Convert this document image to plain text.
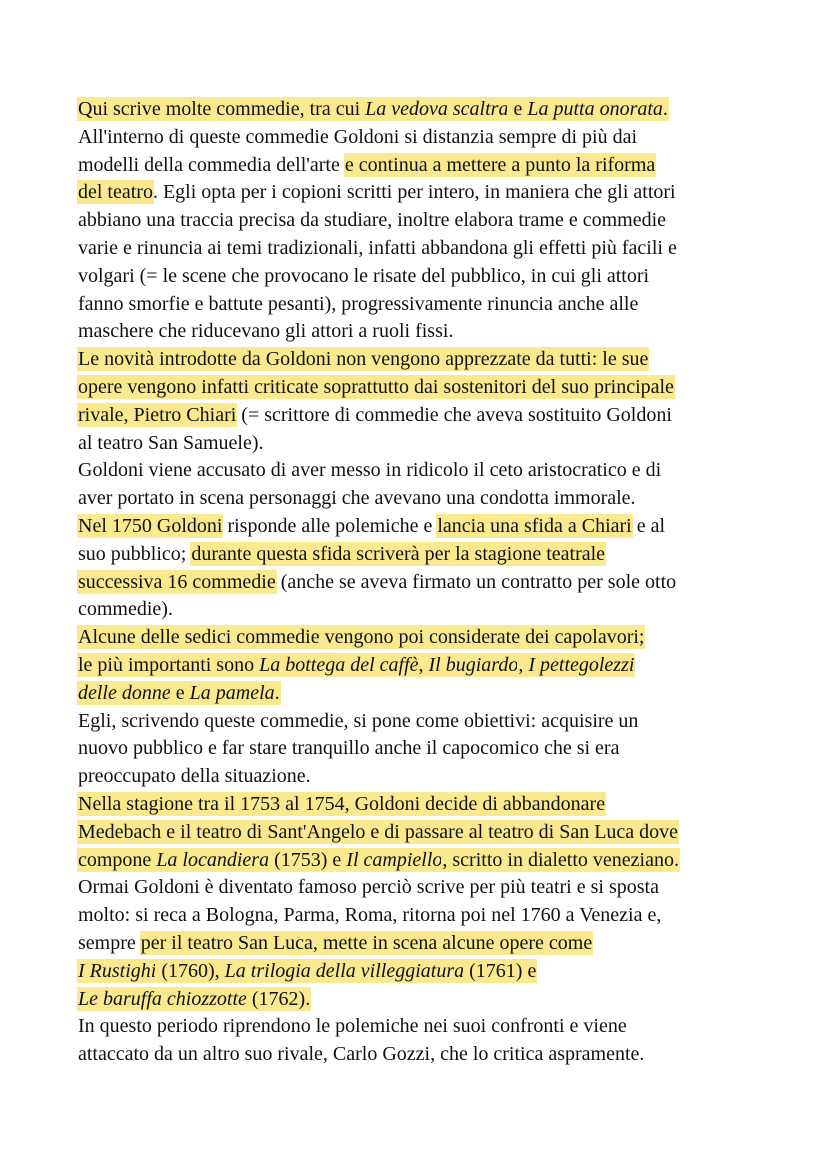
Qui scrive molte commedie, tra cui La vedova scaltra e La putta onorata.
All'interno di queste commedie Goldoni si distanzia sempre di più dai
modelli della commedia dell'arte e continua a mettere a punto la riforma
del teatro. Egli opta per i copioni scritti per intero, in maniera che gli attori
abbiano una traccia precisa da studiare, inoltre elabora trame e commedie
varie e rinuncia ai temi tradizionali, infatti abbandona gli effetti più facili e
volgari (= le scene che provocano le risate del pubblico, in cui gli attori
fanno smorfie e battute pesanti), progressivamente rinuncia anche alle
maschere che riducevano gli attori a ruoli fissi.
Le novità introdotte da Goldoni non vengono apprezzate da tutti: le sue
opere vengono infatti criticate soprattutto dai sostenitori del suo principale
rivale, Pietro Chiari (= scrittore di commedie che aveva sostituito Goldoni
al teatro San Samuele).
Goldoni viene accusato di aver messo in ridicolo il ceto aristocratico e di
aver portato in scena personaggi che avevano una condotta immorale.
Nel 1750 Goldoni risponde alle polemiche e lancia una sfida a Chiari e al
suo pubblico; durante questa sfida scriverà per la stagione teatrale
successiva 16 commedie (anche se aveva firmato un contratto per sole otto
commedie).
Alcune delle sedici commedie vengono poi considerate dei capolavori;
le più importanti sono La bottega del caffè, Il bugiardo, I pettegolezzi
delle donne e La pamela.
Egli, scrivendo queste commedie, si pone come obiettivi: acquisire un
nuovo pubblico e far stare tranquillo anche il capocomico che si era
preoccupato della situazione.
Nella stagione tra il 1753 al 1754, Goldoni decide di abbandonare
Medebach e il teatro di Sant'Angelo e di passare al teatro di San Luca dove
compone La locandiera (1753) e Il campiello, scritto in dialetto veneziano.
Ormai Goldoni è diventato famoso perciò scrive per più teatri e si sposta
molto: si reca a Bologna, Parma, Roma, ritorna poi nel 1760 a Venezia e,
sempre per il teatro San Luca, mette in scena alcune opere come
I Rustighi (1760), La trilogia della villeggiatura (1761) e
Le baruffa chiozzotte (1762).
In questo periodo riprendono le polemiche nei suoi confronti e viene
attaccato da un altro suo rivale, Carlo Gozzi, che lo critica aspramente.
